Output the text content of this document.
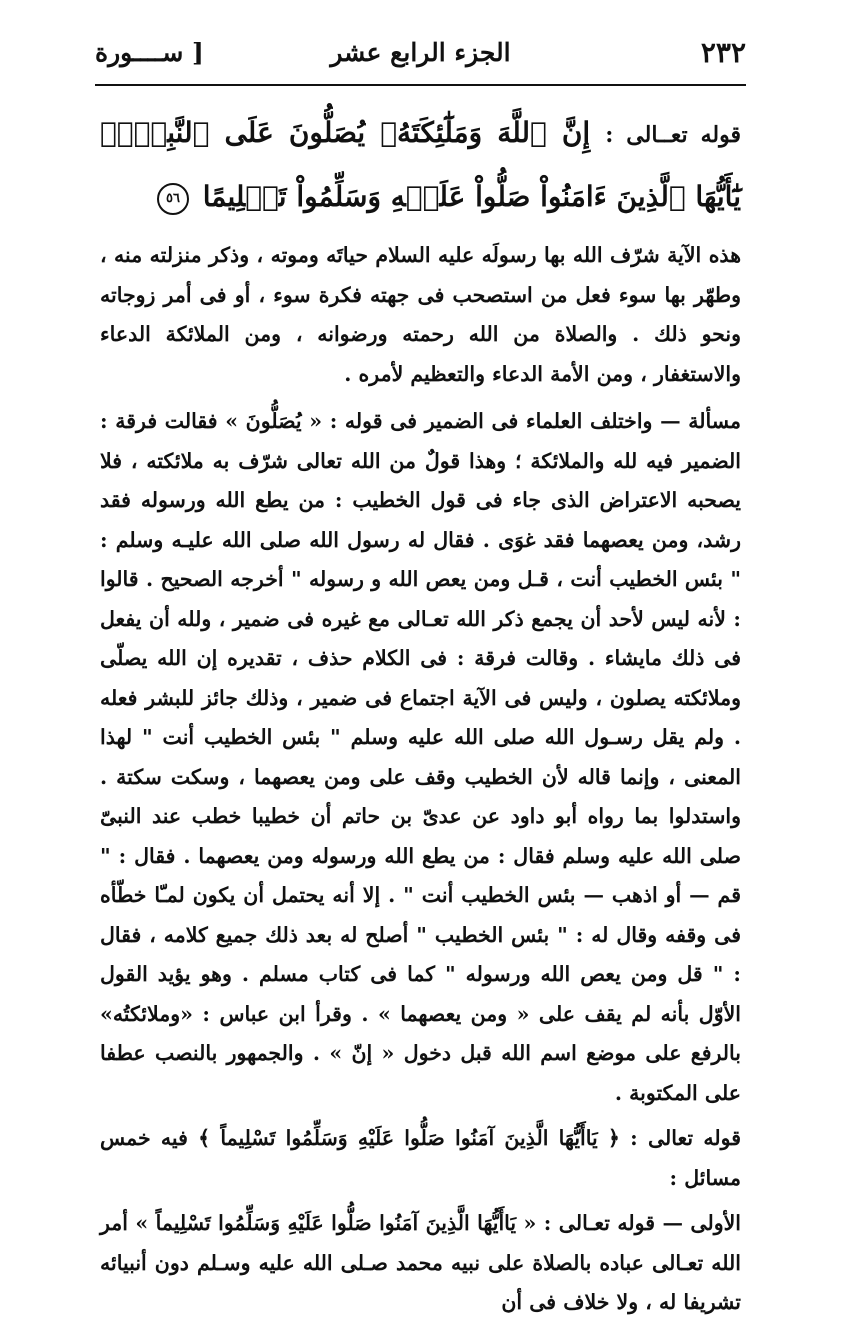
٢٣٢
الجزء الرابع عشر
[ ســــورة

قوله تعــالى : إِنَّ ٱللَّهَ وَمَلَٰٓئِكَتَهُۥ يُصَلُّونَ عَلَى ٱلنَّبِيِّۚ يَٰٓأَيُّهَا ٱلَّذِينَ ءَامَنُواْ صَلُّواْ عَلَيۡهِ وَسَلِّمُواْ تَسۡلِيمًا ٥٦

هذه الآية شرّف الله بها رسولَه عليه السلام حياتَه وموته ، وذكر منزلته منه ، وطهّر بها سوء فعل من استصحب فى جهته فكرة سوء ، أو فى أمر زوجاته ونحو ذلك . والصلاة من الله رحمته ورضوانه ، ومن الملائكة الدعاء والاستغفار ، ومن الأمة الدعاء والتعظيم لأمره .

مسألة — واختلف العلماء فى الضمير فى قوله : « يُصَلُّونَ » فقالت فرقة : الضمير فيه لله والملائكة ؛ وهذا قولٌ من الله تعالى شرّف به ملائكته ، فلا يصحبه الاعتراض الذى جاء فى قول الخطيب : من يطع الله ورسوله فقد رشد، ومن يعصهما فقد غوَى . فقال له رسول الله صلى الله عليـه وسلم : " بئس الخطيب أنت ، قـل ومن يعص الله و رسوله " أخرجه الصحيح . قالوا : لأنه ليس لأحد أن يجمع ذكر الله تعـالى مع غيره فى ضمير ، ولله أن يفعل فى ذلك مايشاء . وقالت فرقة : فى الكلام حذف ، تقديره إن الله يصلّى وملائكته يصلون ، وليس فى الآية اجتماع فى ضمير ، وذلك جائز للبشر فعله . ولم يقل رسـول الله صلى الله عليه وسلم " بئس الخطيب أنت " لهذا المعنى ، وإنما قاله لأن الخطيب وقف على ومن يعصهما ، وسكت سكتة . واستدلوا بما رواه أبو داود عن عدىّ بن حاتم أن خطيبا خطب عند النبىّ صلى الله عليه وسلم فقال : من يطع الله ورسوله ومن يعصهما . فقال : " قم — أو اذهب — بئس الخطيب أنت " . إلا أنه يحتمل أن يكون لمـّا خطّأه فى وقفه وقال له : " بئس الخطيب " أصلح له بعد ذلك جميع كلامه ، فقال : " قل ومن يعص الله ورسوله " كما فى كتاب مسلم . وهو يؤيد القول الأوّل بأنه لم يقف على « ومن يعصهما » . وقرأ ابن عباس : «وملائكتُه» بالرفع على موضع اسم الله قبل دخول « إنّ » . والجمهور بالنصب عطفا على المكتوبة .

قوله تعالى : ﴿ يَاأَيُّهَا الَّذِينَ آمَنُوا صَلُّوا عَلَيْهِ وَسَلِّمُوا تَسْلِيماً ﴾ فيه خمس مسائل :

الأولى — قوله تعـالى : « يَاأَيُّهَا الَّذِينَ آمَنُوا صَلُّوا عَلَيْهِ وَسَلِّمُوا تَسْلِيماً » أمر الله تعـالى عباده بالصلاة على نبيه محمد صـلى الله عليه وسـلم دون أنبيائه تشريفا له ، ولا خلاف فى أن
